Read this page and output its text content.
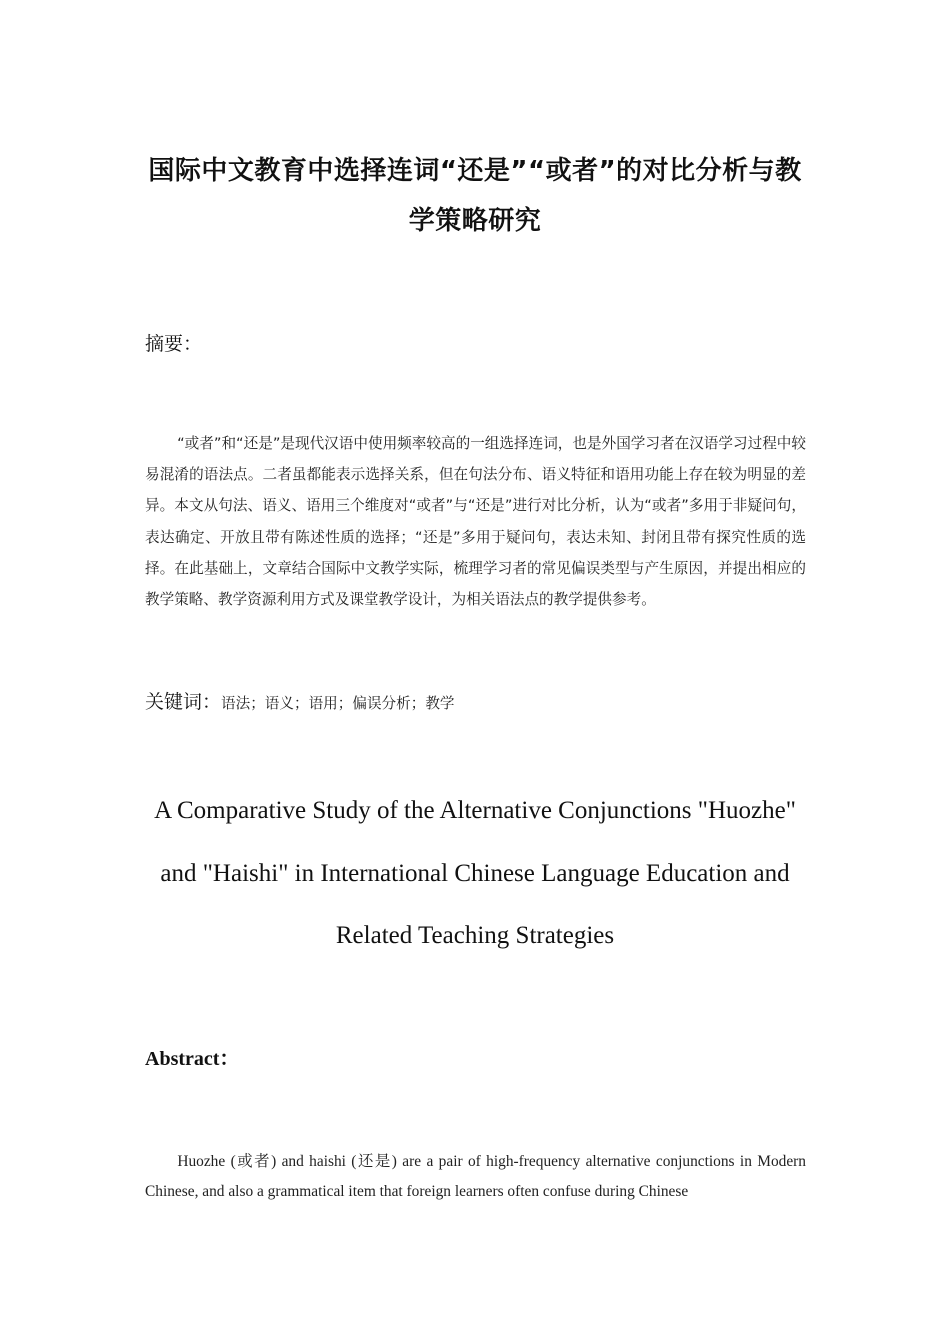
国际中文教育中选择连词“还是”“或者”的对比分析与教学策略研究
摘要：
“或者”和“还是”是现代汉语中使用频率较高的一组选择连词，也是外国学习者在汉语学习过程中较易混淆的语法点。二者虽都能表示选择关系，但在句法分布、语义特征和语用功能上存在较为明显的差异。本文从句法、语义、语用三个维度对“或者”与“还是”进行对比分析，认为“或者”多用于非疑问句，表达确定、开放且带有陈述性质的选择；“还是”多用于疑问句，表达未知、封闭且带有探究性质的选择。在此基础上，文章结合国际中文教学实际，梳理学习者的常见偏误类型与产生原因，并提出相应的教学策略、教学资源利用方式及课堂教学设计，为相关语法点的教学提供参考。
关键词：语法；语义；语用；偏误分析；教学
A Comparative Study of the Alternative Conjunctions "Huozhe" and "Haishi" in International Chinese Language Education and Related Teaching Strategies
Abstract：
Huozhe (或者) and haishi (还是) are a pair of high-frequency alternative conjunctions in Modern Chinese, and also a grammatical item that foreign learners often confuse during Chinese
